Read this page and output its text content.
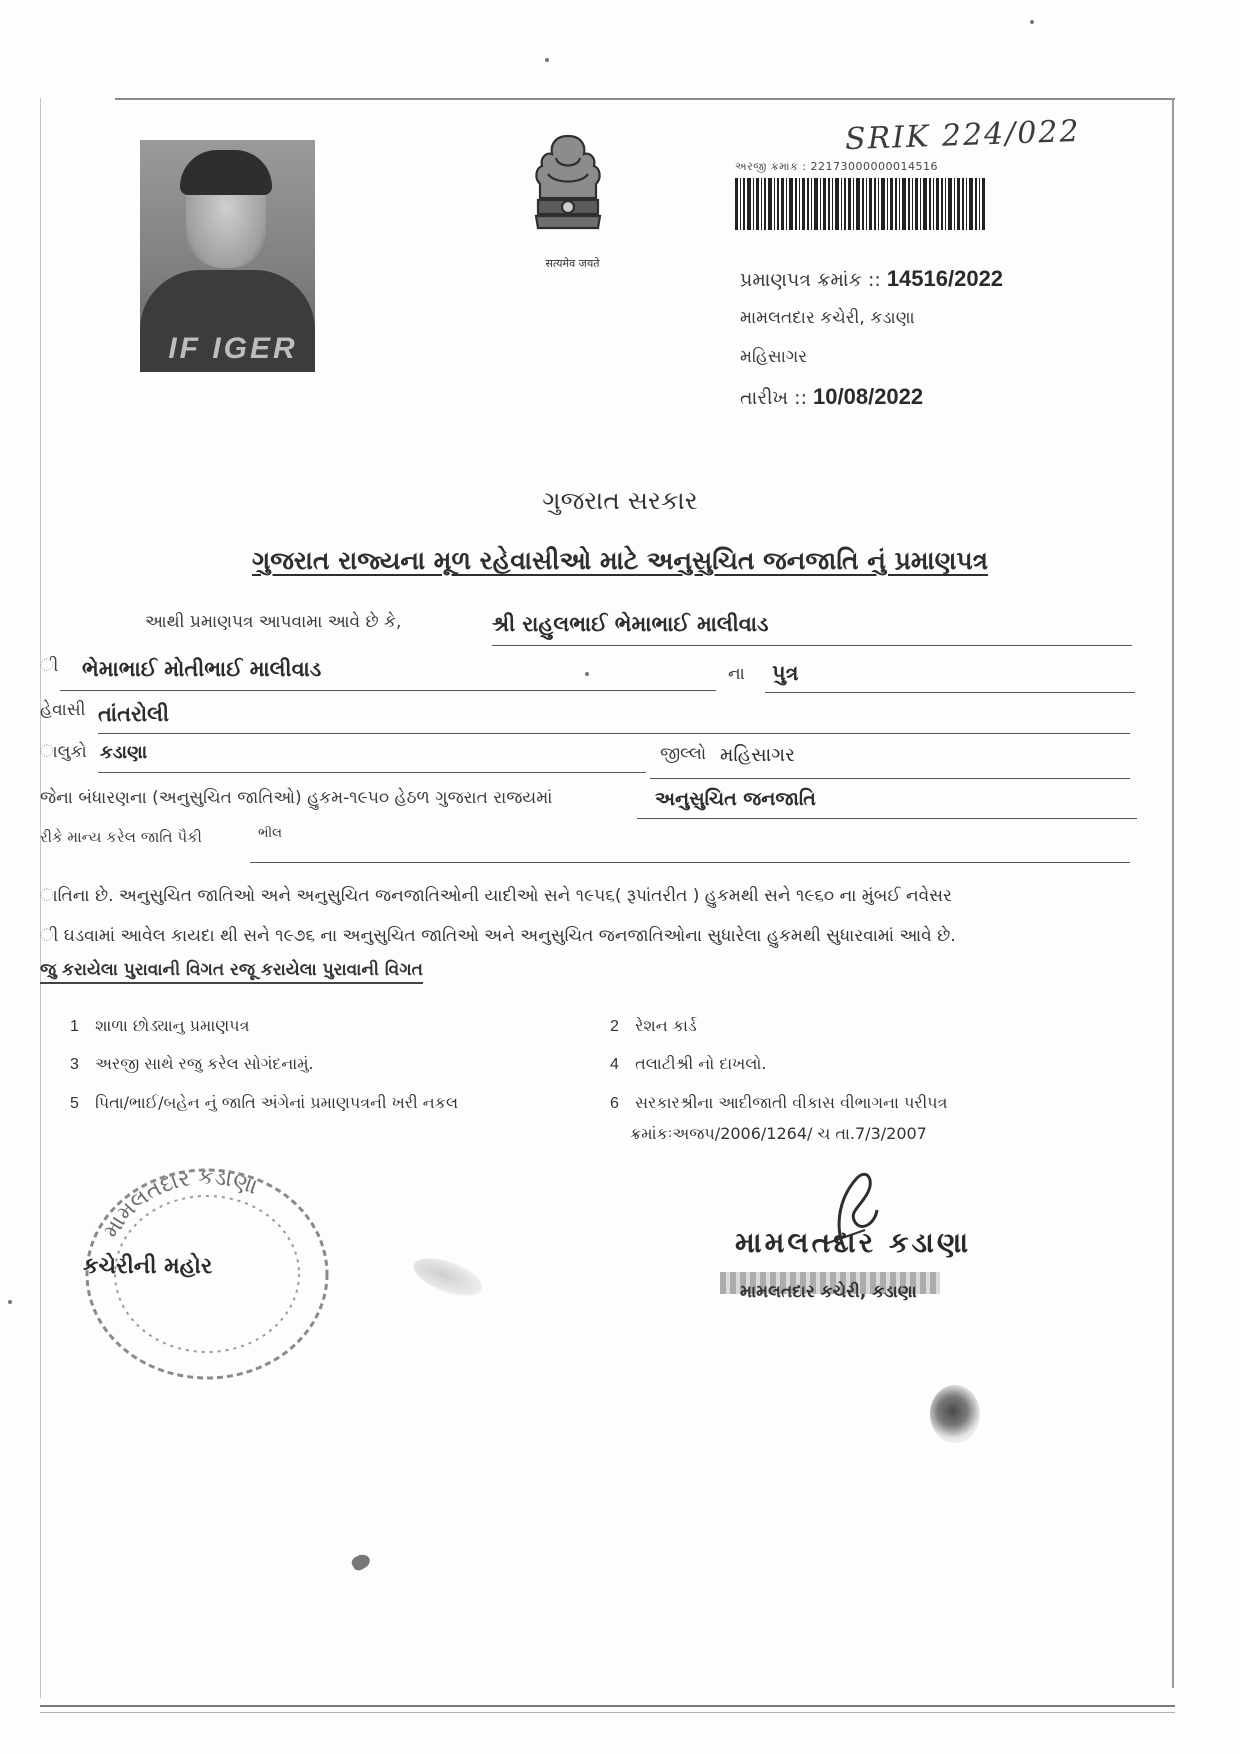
SRIK 224/022
IF IGER
सत्यमेव जयते
અરજી ક્રમાંક : 22173000000014516
પ્રમાણપત્ર ક્રમાંક :: 14516/2022
મામલતદાર કચેરી, કડાણા
મહિસાગર
તારીખ :: 10/08/2022
ગુજરાત સરકાર
ગુજરાત રાજ્યના મૂળ રહેવાસીઓ માટે અનુસુચિત જનજાતિ નું પ્રમાણપત્ર
આથી પ્રમાણપત્ર આપવામા આવે છે કે,	શ્રી રાહુલભાઈ ભેમાભાઈ માલીવાડ
ી ભેમાભાઈ મોતીભાઈ માલીવાડ	ના પુત્ર
હેવાસી તાંતરોલી
ાલુકો કડાણા	જીલ્લો મહિસાગર
જેના બંધારણના (અનુસુચિત જાતિઓ) હુકમ-૧૯૫૦ હેઠળ ગુજરાત રાજયમાં	અનુસુચિત જનજાતિ
રીકે માન્ય કરેલ જાતિ પૈકી	ભીલ
ાતિના છે. અનુસુચિત જાતિઓ અને અનુસુચિત જનજાતિઓની યાદીઓ સને ૧૯૫૬( રૂપાંતરીત ) હુકમથી સને ૧૯૬૦ ના મુંબઈ નવેસર
ી ઘડવામાં આવેલ કાયદા થી સને ૧૯૭૬ ના અનુસુચિત જાતિઓ અને અનુસુચિત જનજાતિઓના સુધારેલા હુકમથી સુધારવામાં આવે છે.
જુ કરાયેલા પુરાવાની વિગત રજૂ કરાયેલા પુરાવાની વિગત
1 શાળા છોડ્યાનુ પ્રમાણપત્ર	2 રેશન કાર્ડ
3 અરજી સાથે રજુ કરેલ સોગંદનામું.	4 તલાટીશ્રી નો દાખલો.
5 પિતા/ભાઈ/બહેન નું જાતિ અંગેનાં પ્રમાણપત્રની ખરી નકલ	6 સરકારશ્રીના આદીજાતી વીકાસ વીભાગના પરીપત્ર
ક્રમાંકઃઅજપ/2006/1264/ ચ તા.7/3/2007
મામલતદાર કડાણા
કચેરીની મહોર
મામલતદાર કડાણા
મામલતદાર કચેરી, કડાણા
